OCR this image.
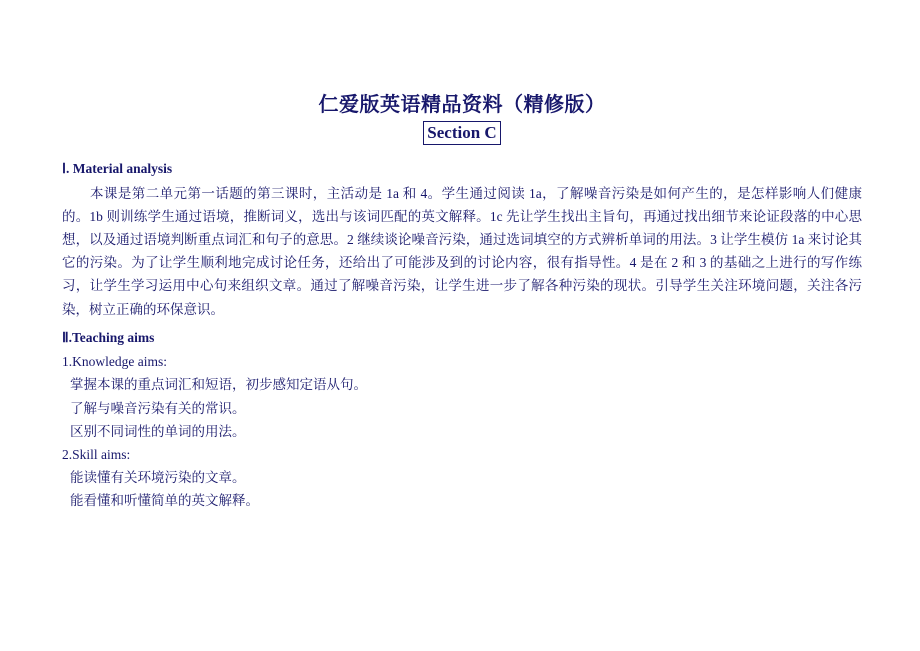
仁爱版英语精品资料（精修版）
Section C
Ⅰ. Material analysis
本课是第二单元第一话题的第三课时，主活动是 1a 和 4。学生通过阅读 1a，了解噪音污染是如何产生的，是怎样影响人们健康的。1b 则训练学生通过语境，推断词义，选出与该词匹配的英文解释。1c 先让学生找出主旨句，再通过找出细节来论证段落的中心思想，以及通过语境判断重点词汇和句子的意思。2 继续谈论噪音污染，通过选词填空的方式辨析单词的用法。3 让学生模仿 1a 来讨论其它的污染。为了让学生顺利地完成讨论任务，还给出了可能涉及到的讨论内容，很有指导性。4 是在 2 和 3 的基础之上进行的写作练习，让学生学习运用中心句来组织文章。通过了解噪音污染，让学生进一步了解各种污染的现状。引导学生关注环境问题，关注各污染，树立正确的环保意识。
Ⅱ.Teaching aims
1.Knowledge aims:
掌握本课的重点词汇和短语，初步感知定语从句。
了解与噪音污染有关的常识。
区别不同词性的单词的用法。
2.Skill aims:
能读懂有关环境污染的文章。
能看懂和听懂简单的英文解释。
